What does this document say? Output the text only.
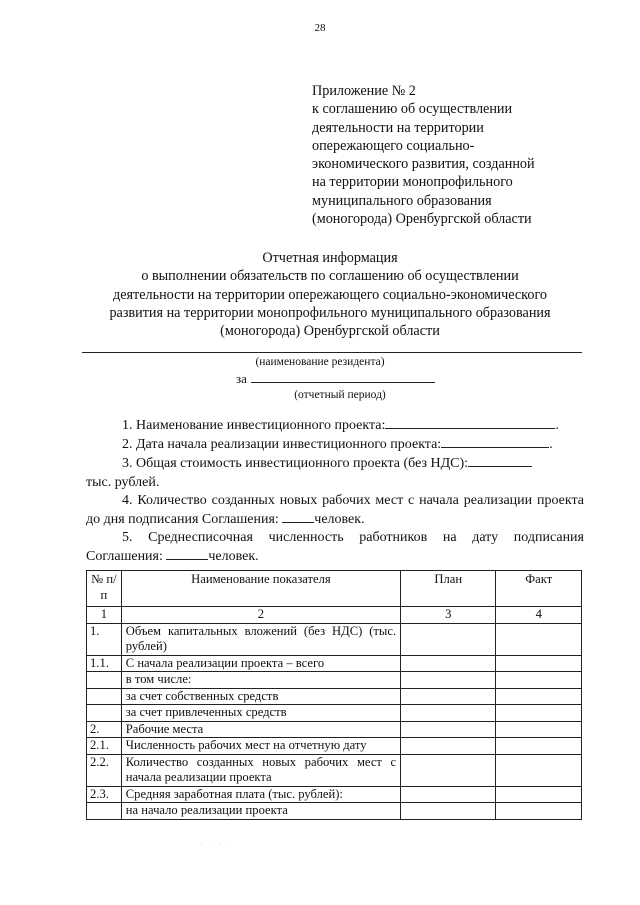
28
Приложение № 2
к соглашению об осуществлении
деятельности на территории
опережающего социально-
экономического развития, созданной
на территории монопрофильного
муниципального образования
(моногорода) Оренбургской области
Отчетная информация
о выполнении обязательств по соглашению об осуществлении
деятельности на территории опережающего социально-экономического
развития на территории монопрофильного муниципального образования
(моногорода) Оренбургской области
(наименование резидента)
за
(отчетный период)

1. Наименование инвестиционного проекта:	.

2. Дата начала реализации инвестиционного проекта:	.

3. Общая стоимость инвестиционного проекта (без НДС):

тыс. рублей.

4. Количество созданных новых рабочих мест с начала реализации проекта до дня подписания Соглашения:	человек.

5. Среднесписочная численность работников на дату подписания Соглашения:	человек.

№ п/п	Наименование показателя	План	Факт
1	2	3	4
1.	Объем капитальных вложений (без НДС) (тыс. рублей)		
1.1.	С начала реализации проекта – всего		
	в том числе:		
	за счет собственных средств		
	за счет привлеченных средств		
2.	Рабочие места		
2.1.	Численность рабочих мест на отчетную дату		
2.2.	Количество созданных новых рабочих мест с начала реализации проекта		
2.3.	Средняя заработная плата (тыс. рублей):		
	на начало реализации проекта		
· · · ·
